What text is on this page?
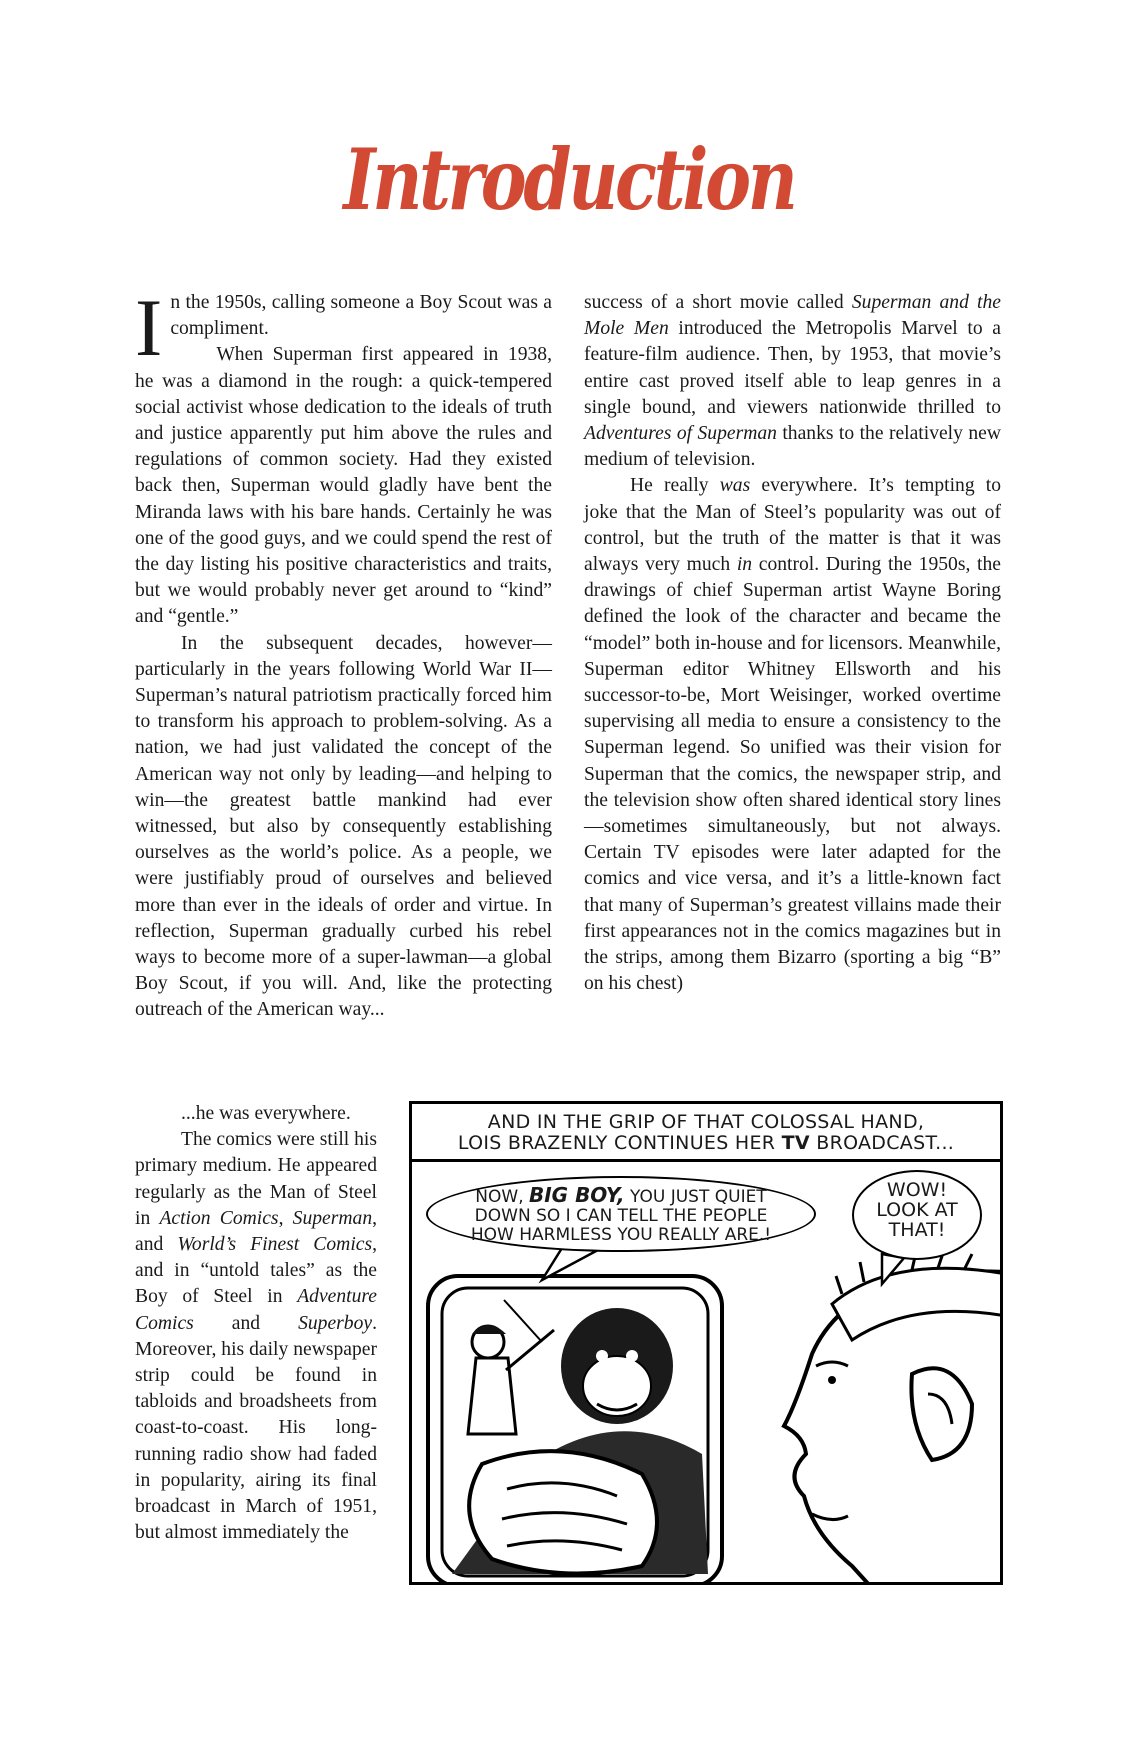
Introduction

In the 1950s, calling someone a Boy Scout was a compliment.

When Superman first appeared in 1938, he was a diamond in the rough: a quick-tempered social activist whose dedication to the ideals of truth and justice apparently put him above the rules and regulations of common society. Had they existed back then, Superman would gladly have bent the Miranda laws with his bare hands. Certainly he was one of the good guys, and we could spend the rest of the day listing his positive characteristics and traits, but we would probably never get around to “kind” and “gentle.”

In the subsequent decades, however—particularly in the years following World War II—Superman’s natural patriotism practically forced him to transform his approach to problem-solving. As a nation, we had just validated the concept of the American way not only by leading—and helping to win—the greatest battle mankind had ever witnessed, but also by consequently establishing ourselves as the world’s police. As a people, we were justifiably proud of ourselves and believed more than ever in the ideals of order and virtue. In reflection, Superman gradually curbed his rebel ways to become more of a super-lawman—a global Boy Scout, if you will. And, like the protecting outreach of the American way...

...he was everywhere.

The comics were still his primary medium. He appeared regularly as the Man of Steel in Action Comics, Superman, and World’s Finest Comics, and in “untold tales” as the Boy of Steel in Adventure Comics and Superboy. Moreover, his daily newspaper strip could be found in tabloids and broadsheets from coast-to-coast. His long-running radio show had faded in popularity, airing its final broadcast in March of 1951, but almost immediately the

success of a short movie called Superman and the Mole Men introduced the Metropolis Marvel to a feature-film audience. Then, by 1953, that movie’s entire cast proved itself able to leap genres in a single bound, and viewers nationwide thrilled to Adventures of Superman thanks to the relatively new medium of television.

He really was everywhere. It’s tempting to joke that the Man of Steel’s popularity was out of control, but the truth of the matter is that it was always very much in control. During the 1950s, the drawings of chief Superman artist Wayne Boring defined the look of the character and became the “model” both in-house and for licensors. Meanwhile, Superman editor Whitney Ellsworth and his successor-to-be, Mort Weisinger, worked overtime supervising all media to ensure a consistency to the Superman legend. So unified was their vision for Superman that the comics, the newspaper strip, and the television show often shared identical story lines—sometimes simultaneously, but not always. Certain TV episodes were later adapted for the comics and vice versa, and it’s a little-known fact that many of Superman’s greatest villains made their first appearances not in the comics magazines but in the strips, among them Bizarro (sporting a big “B” on his chest)

AND IN THE GRIP OF THAT COLOSSAL HAND,
LOIS BRAZENLY CONTINUES HER TV BROADCAST...
NOW, BIG BOY, YOU JUST QUIET
DOWN SO I CAN TELL THE PEOPLE
HOW HARMLESS YOU REALLY ARE.!
WOW!
LOOK AT
THAT!
